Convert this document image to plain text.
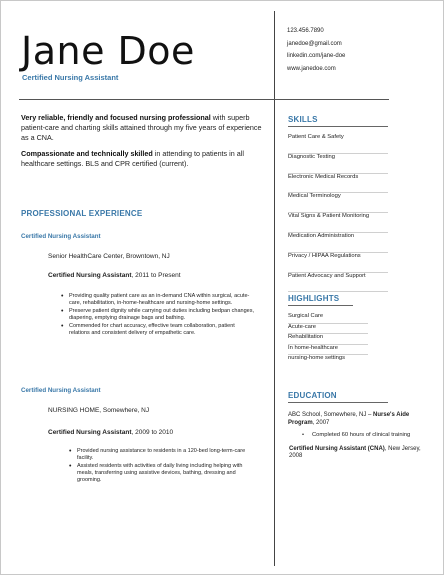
Jane Doe
Certified Nursing Assistant
123.456.7890
janedoe@gmail.com
linkedin.com/jane-doe
www.janedoe.com

Very reliable, friendly and focused nursing professional with superb patient-care and charting skills attained through my five years of experience as a CNA.

Compassionate and technically skilled in attending to patients in all healthcare settings. BLS and CPR certified (current).

PROFESSIONAL EXPERIENCE
Certified Nursing Assistant
Senior HealthCare Center, Browntown, NJ
Certified Nursing Assistant, 2011 to Present
• Providing quality patient care as an in-demand CNA within surgical, acute-care, rehabilitation, in-home-healthcare and nursing-home settings.
• Preserve patient dignity while carrying out duties including bedpan changes, diapering, emptying drainage bags and bathing.
• Commended for chart accuracy, effective team collaboration, patient relations and consistent delivery of empathetic care.
Certified Nursing Assistant
NURSING HOME, Somewhere, NJ
Certified Nursing Assistant, 2009 to 2010
• Provided nursing assistance to residents in a 120-bed long-term-care facility.
• Assisted residents with activities of daily living including helping with meals, transferring using assistive devices, bathing, dressing and grooming.
SKILLS
Patient Care & Safety
Diagnostic Testing
Electronic Medical Records
Medical Terminology
Vital Signs & Patient Monitoring
Medication Administration
Privacy / HIPAA Regulations
Patient Advocacy and Support
HIGHLIGHTS
Surgical Care
Acute-care
Rehabilitation
In home-healthcare
nursing-home settings
EDUCATION
ABC School, Somewhere, NJ – Nurse's Aide Program, 2007
• Completed 60 hours of clinical training
Certified Nursing Assistant (CNA), New Jersey, 2008
